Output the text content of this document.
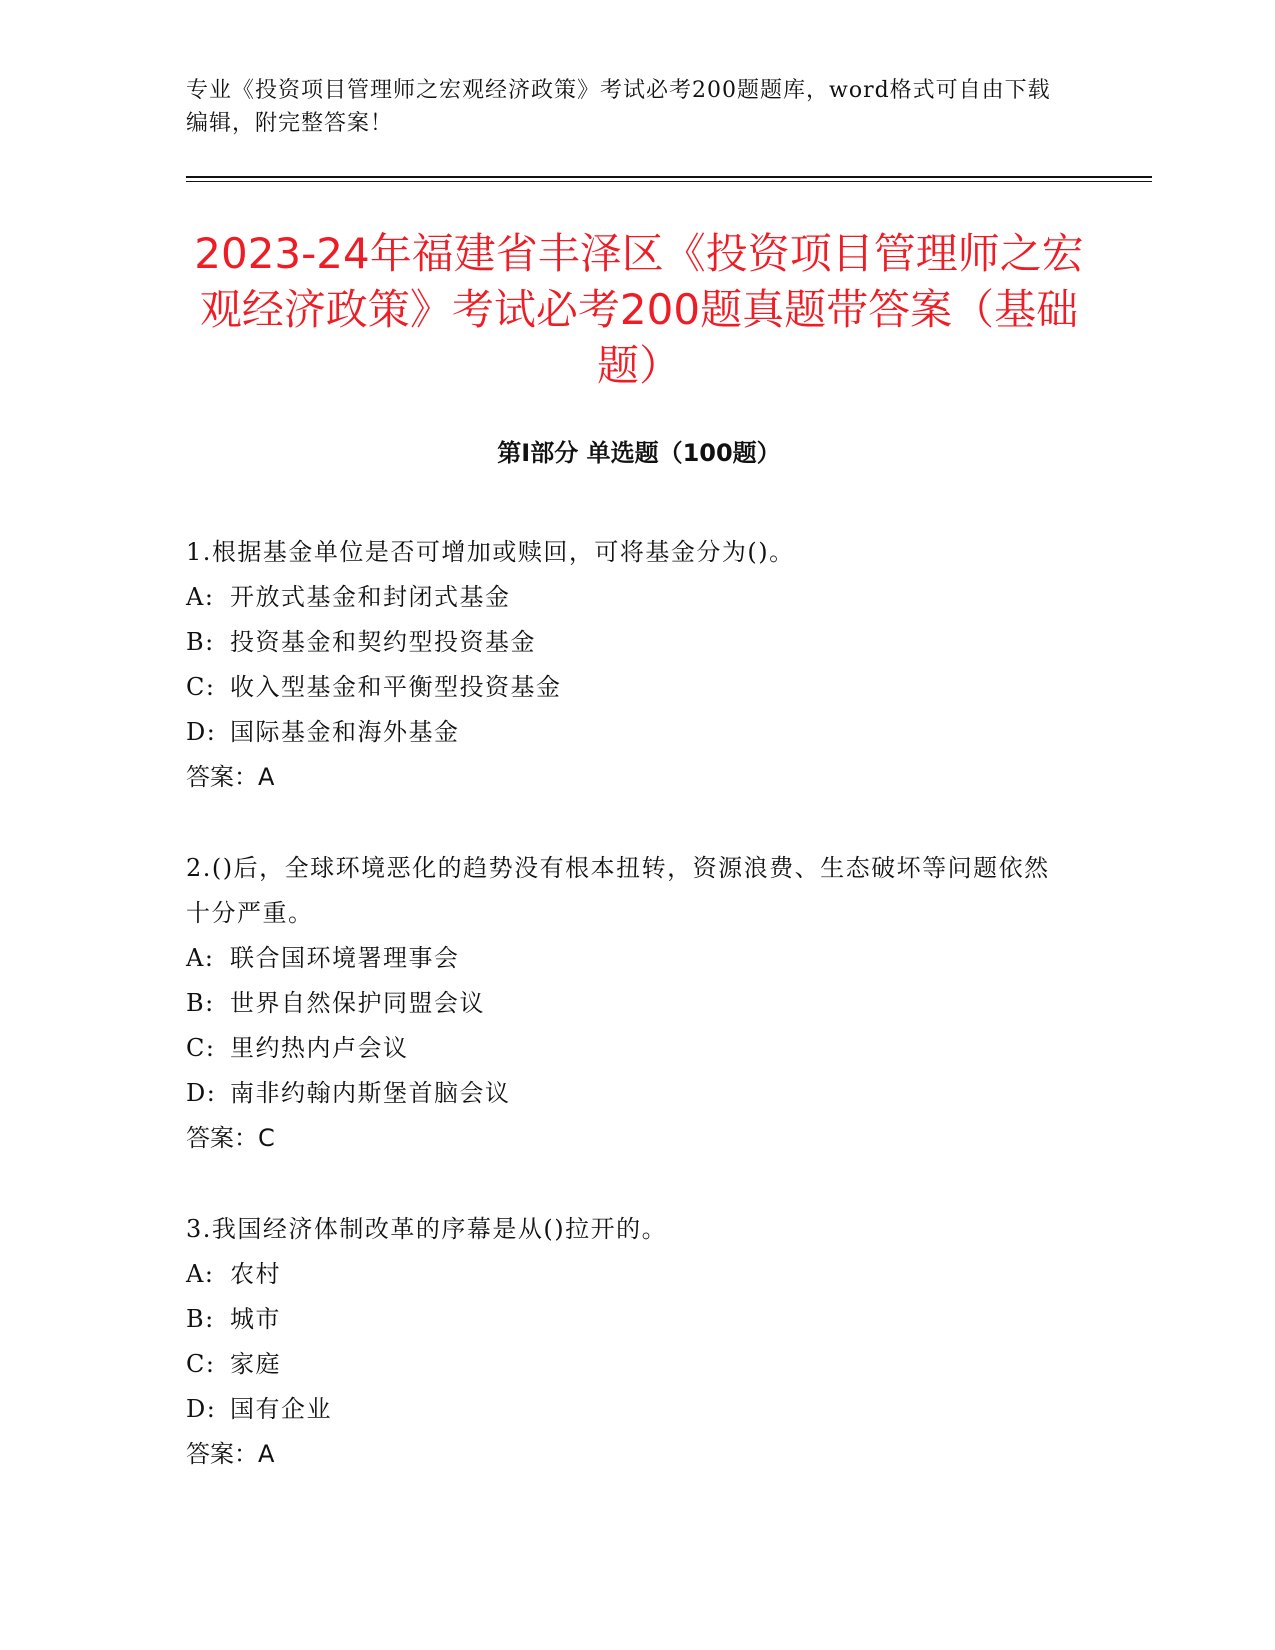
专业《投资项目管理师之宏观经济政策》考试必考200题题库，word格式可自由下载编辑，附完整答案！
2023-24年福建省丰泽区《投资项目管理师之宏观经济政策》考试必考200题真题带答案（基础题）
第Ⅰ部分 单选题（100题）
1.根据基金单位是否可增加或赎回，可将基金分为()。
A: 开放式基金和封闭式基金
B: 投资基金和契约型投资基金
C: 收入型基金和平衡型投资基金
D: 国际基金和海外基金
答案：A
2.()后，全球环境恶化的趋势没有根本扭转，资源浪费、生态破坏等问题依然十分严重。
A: 联合国环境署理事会
B: 世界自然保护同盟会议
C: 里约热内卢会议
D: 南非约翰内斯堡首脑会议
答案：C
3.我国经济体制改革的序幕是从()拉开的。
A: 农村
B: 城市
C: 家庭
D: 国有企业
答案：A
